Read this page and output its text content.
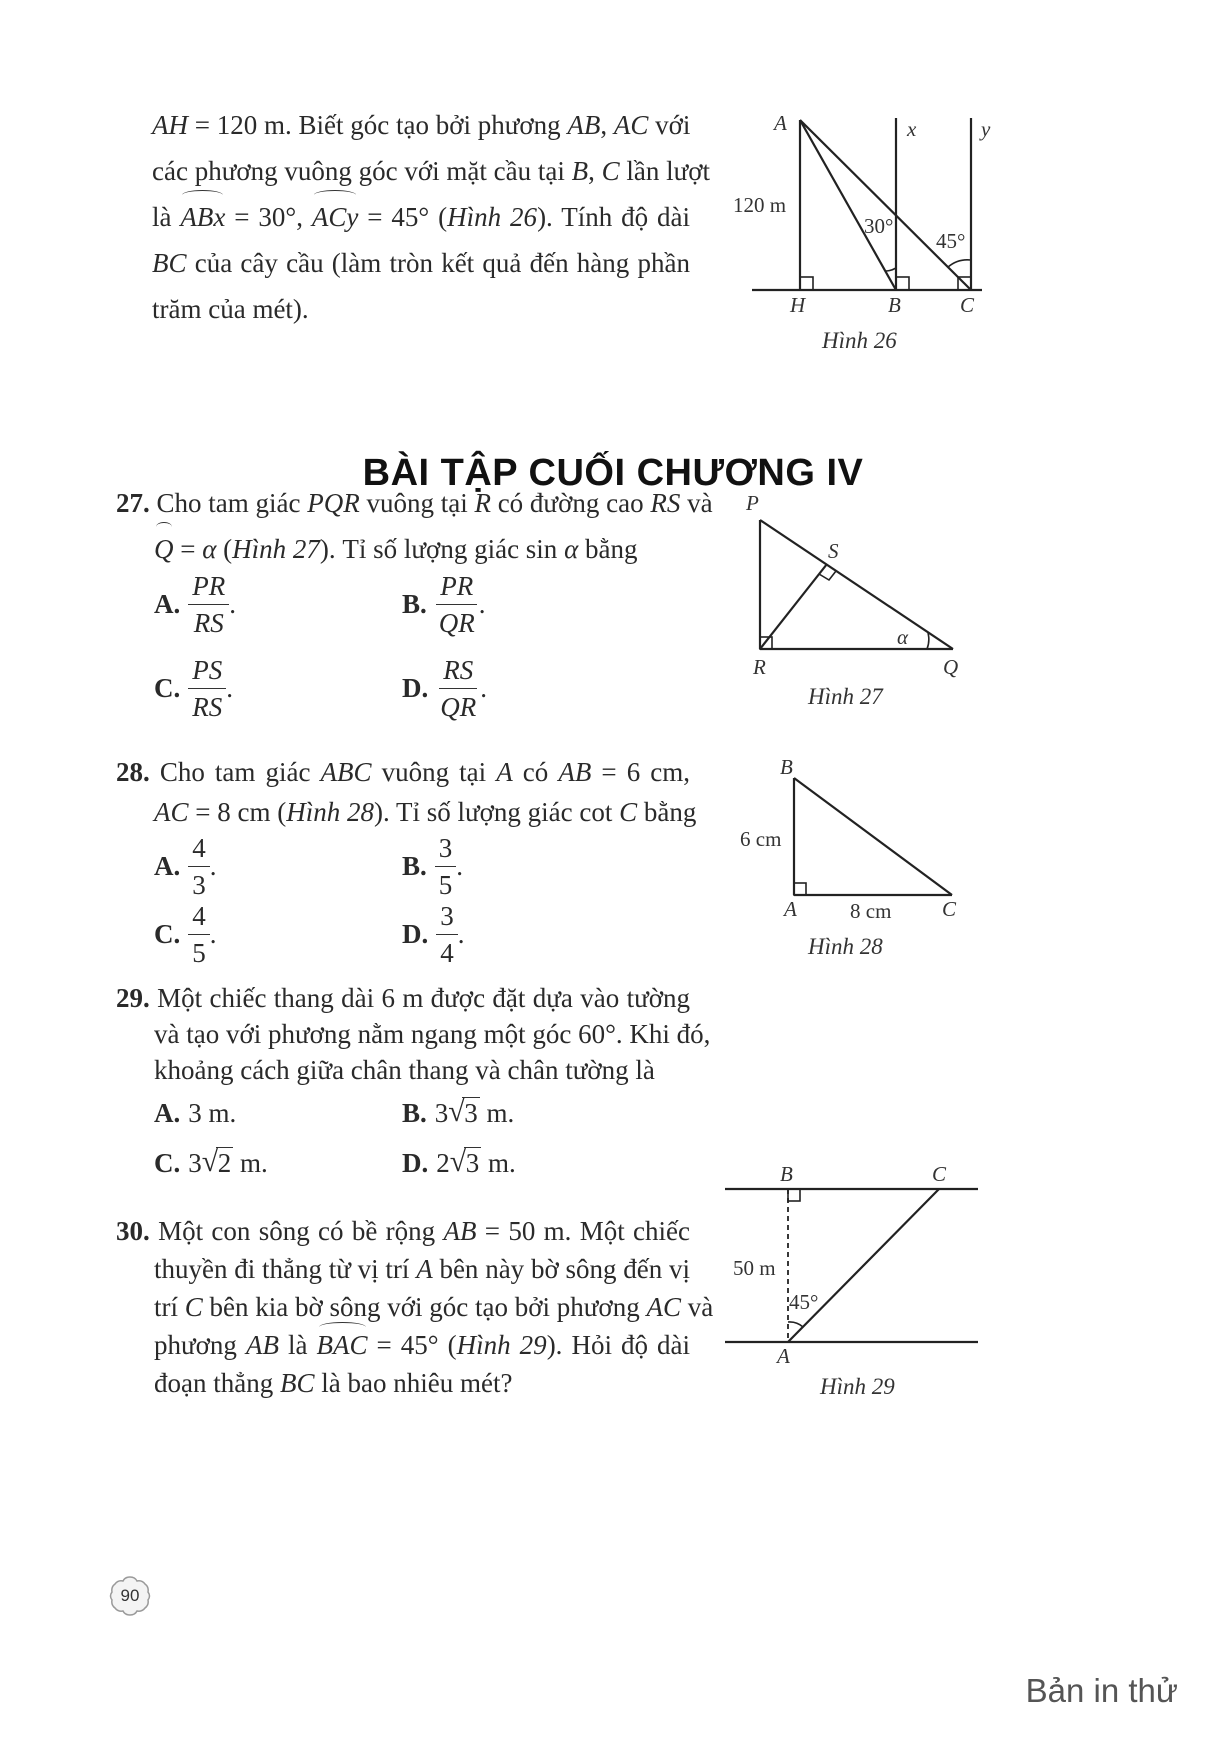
AH = 120 m. Biết góc tạo bởi phương AB, AC với
các phương vuông góc với mặt cầu tại B, C lần lượt
là ABx = 30°, ACy = 45° (Hình 26). Tính độ dài
BC của cây cầu (làm tròn kết quả đến hàng phần
trăm của mét).
A	x	y
120 m
30°
45°
H	B	C
Hình 26
BÀI TẬP CUỐI CHƯƠNG IV
27. Cho tam giác PQR vuông tại R có đường cao RS và
Q = α (Hình 27). Tỉ số lượng giác sin α bằng
A. $\frac{PR}{RS}$ .	B. $\frac{PR}{QR}$ .
C. $\frac{PS}{RS}$ .	D. $\frac{RS}{QR}$ .
P
S
R	Q
α
Hình 27
28. Cho tam giác ABC vuông tại A có AB = 6 cm,
AC = 8 cm (Hình 28). Tỉ số lượng giác cot C bằng
A. $\frac{4}{3}$ .	B. $\frac{3}{5}$ .
C. $\frac{4}{5}$ .	D. $\frac{3}{4}$ .
B
6 cm
A	8 cm C
Hình 28
29. Một chiếc thang dài 6 m được đặt dựa vào tường
và tạo với phương nằm ngang một góc 60°. Khi đó,
khoảng cách giữa chân thang và chân tường là
A. 3 m.	B. 3 √ 3
m.
C. 3 √ 2
m.	D. 2 √ 3
m.
30. Một con sông có bề rộng AB = 50 m. Một chiếc
thuyền đi thẳng từ vị trí A bên này bờ sông đến vị
trí C bên kia bờ sông với góc tạo bởi phương AC và
phương AB là BAC = 45° (Hình 29). Hỏi độ dài
đoạn thẳng BC là bao nhiêu mét?
B	C
50 m
45°
A
Hình 29
90
Bản in thử
